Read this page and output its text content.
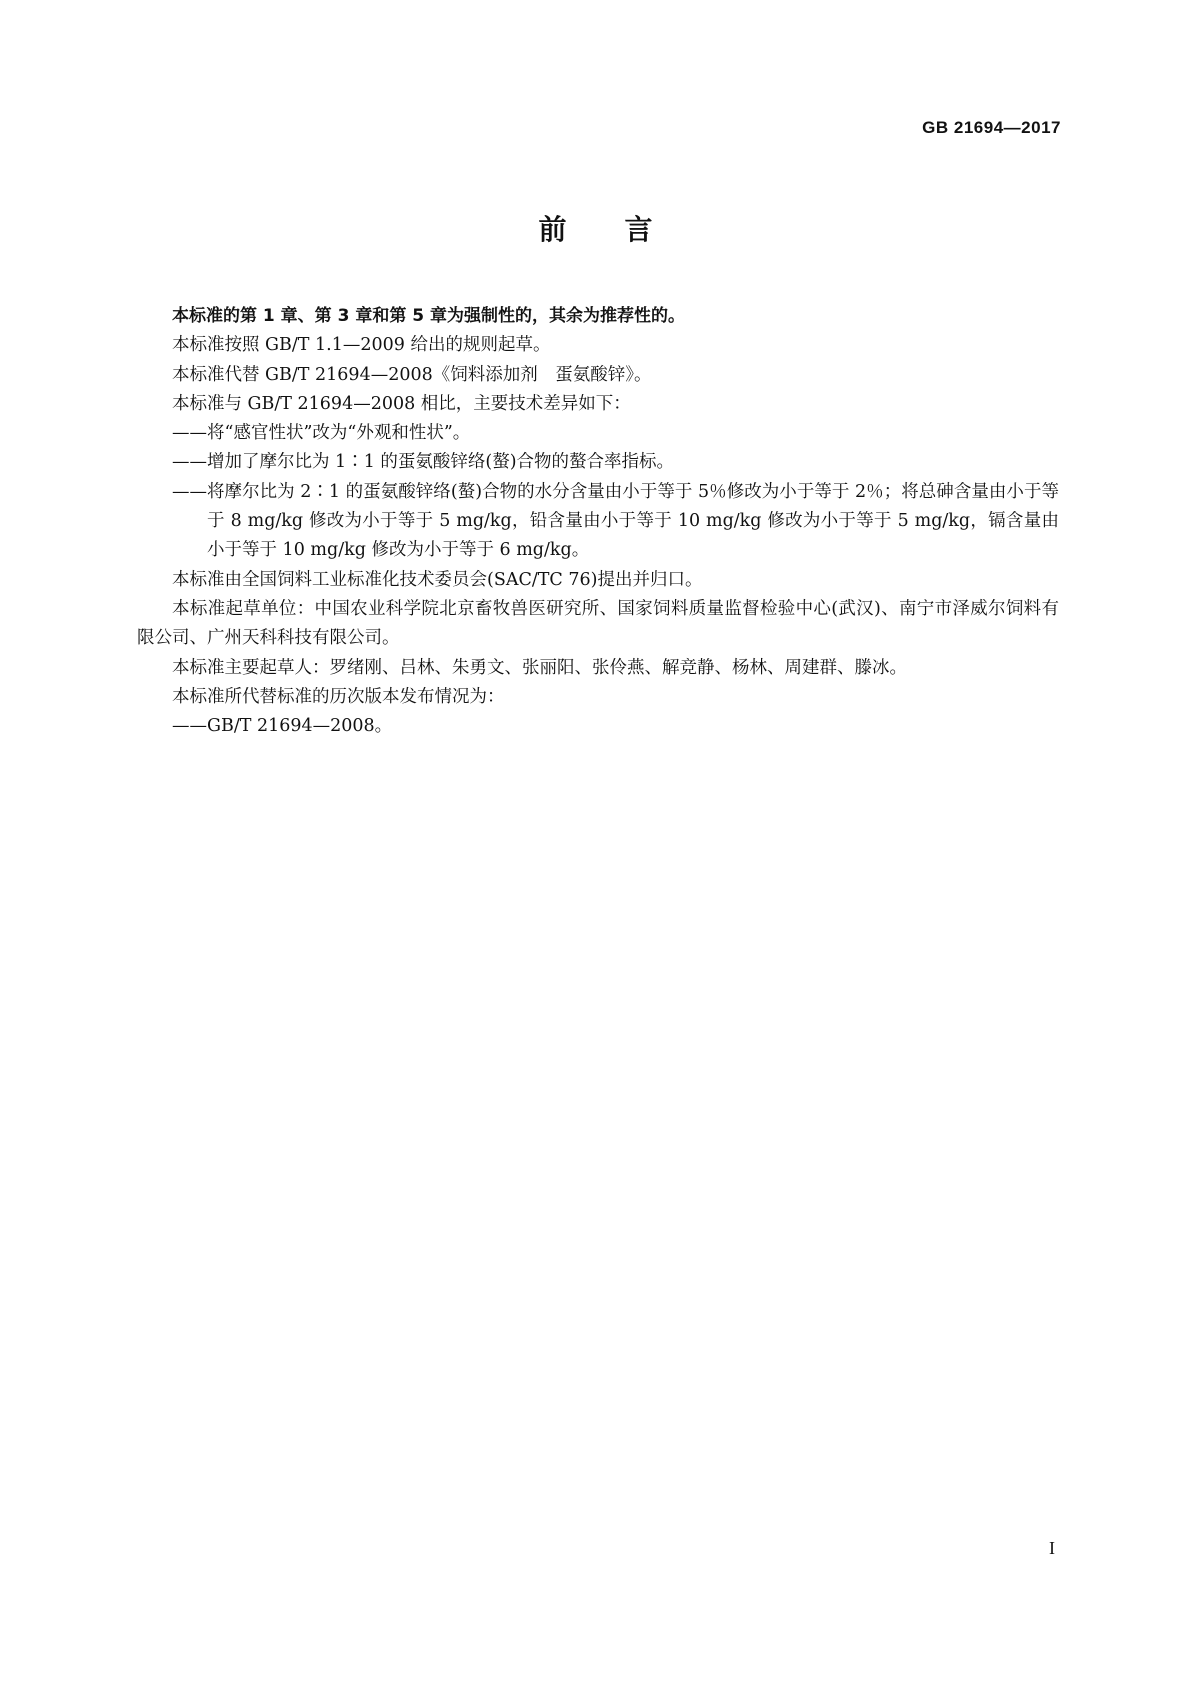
GB 21694—2017
前言

本标准的第 1 章、第 3 章和第 5 章为强制性的，其余为推荐性的。

本标准按照 GB/T 1.1—2009 给出的规则起草。

本标准代替 GB/T 21694—2008《饲料添加剂　蛋氨酸锌》。

本标准与 GB/T 21694—2008 相比，主要技术差异如下：

——将“感官性状”改为“外观和性状”。

——增加了摩尔比为 1∶1 的蛋氨酸锌络(螯)合物的螯合率指标。

——将摩尔比为 2∶1 的蛋氨酸锌络(螯)合物的水分含量由小于等于 5％修改为小于等于 2％；将总砷含量由小于等于 8 mg/kg 修改为小于等于 5 mg/kg，铅含量由小于等于 10 mg/kg 修改为小于等于 5 mg/kg，镉含量由小于等于 10 mg/kg 修改为小于等于 6 mg/kg。

本标准由全国饲料工业标准化技术委员会(SAC/TC 76)提出并归口。

本标准起草单位：中国农业科学院北京畜牧兽医研究所、国家饲料质量监督检验中心(武汉)、南宁市泽威尔饲料有限公司、广州天科科技有限公司。

本标准主要起草人：罗绪刚、吕林、朱勇文、张丽阳、张伶燕、解竞静、杨林、周建群、滕冰。

本标准所代替标准的历次版本发布情况为：

——GB/T 21694—2008。

I
